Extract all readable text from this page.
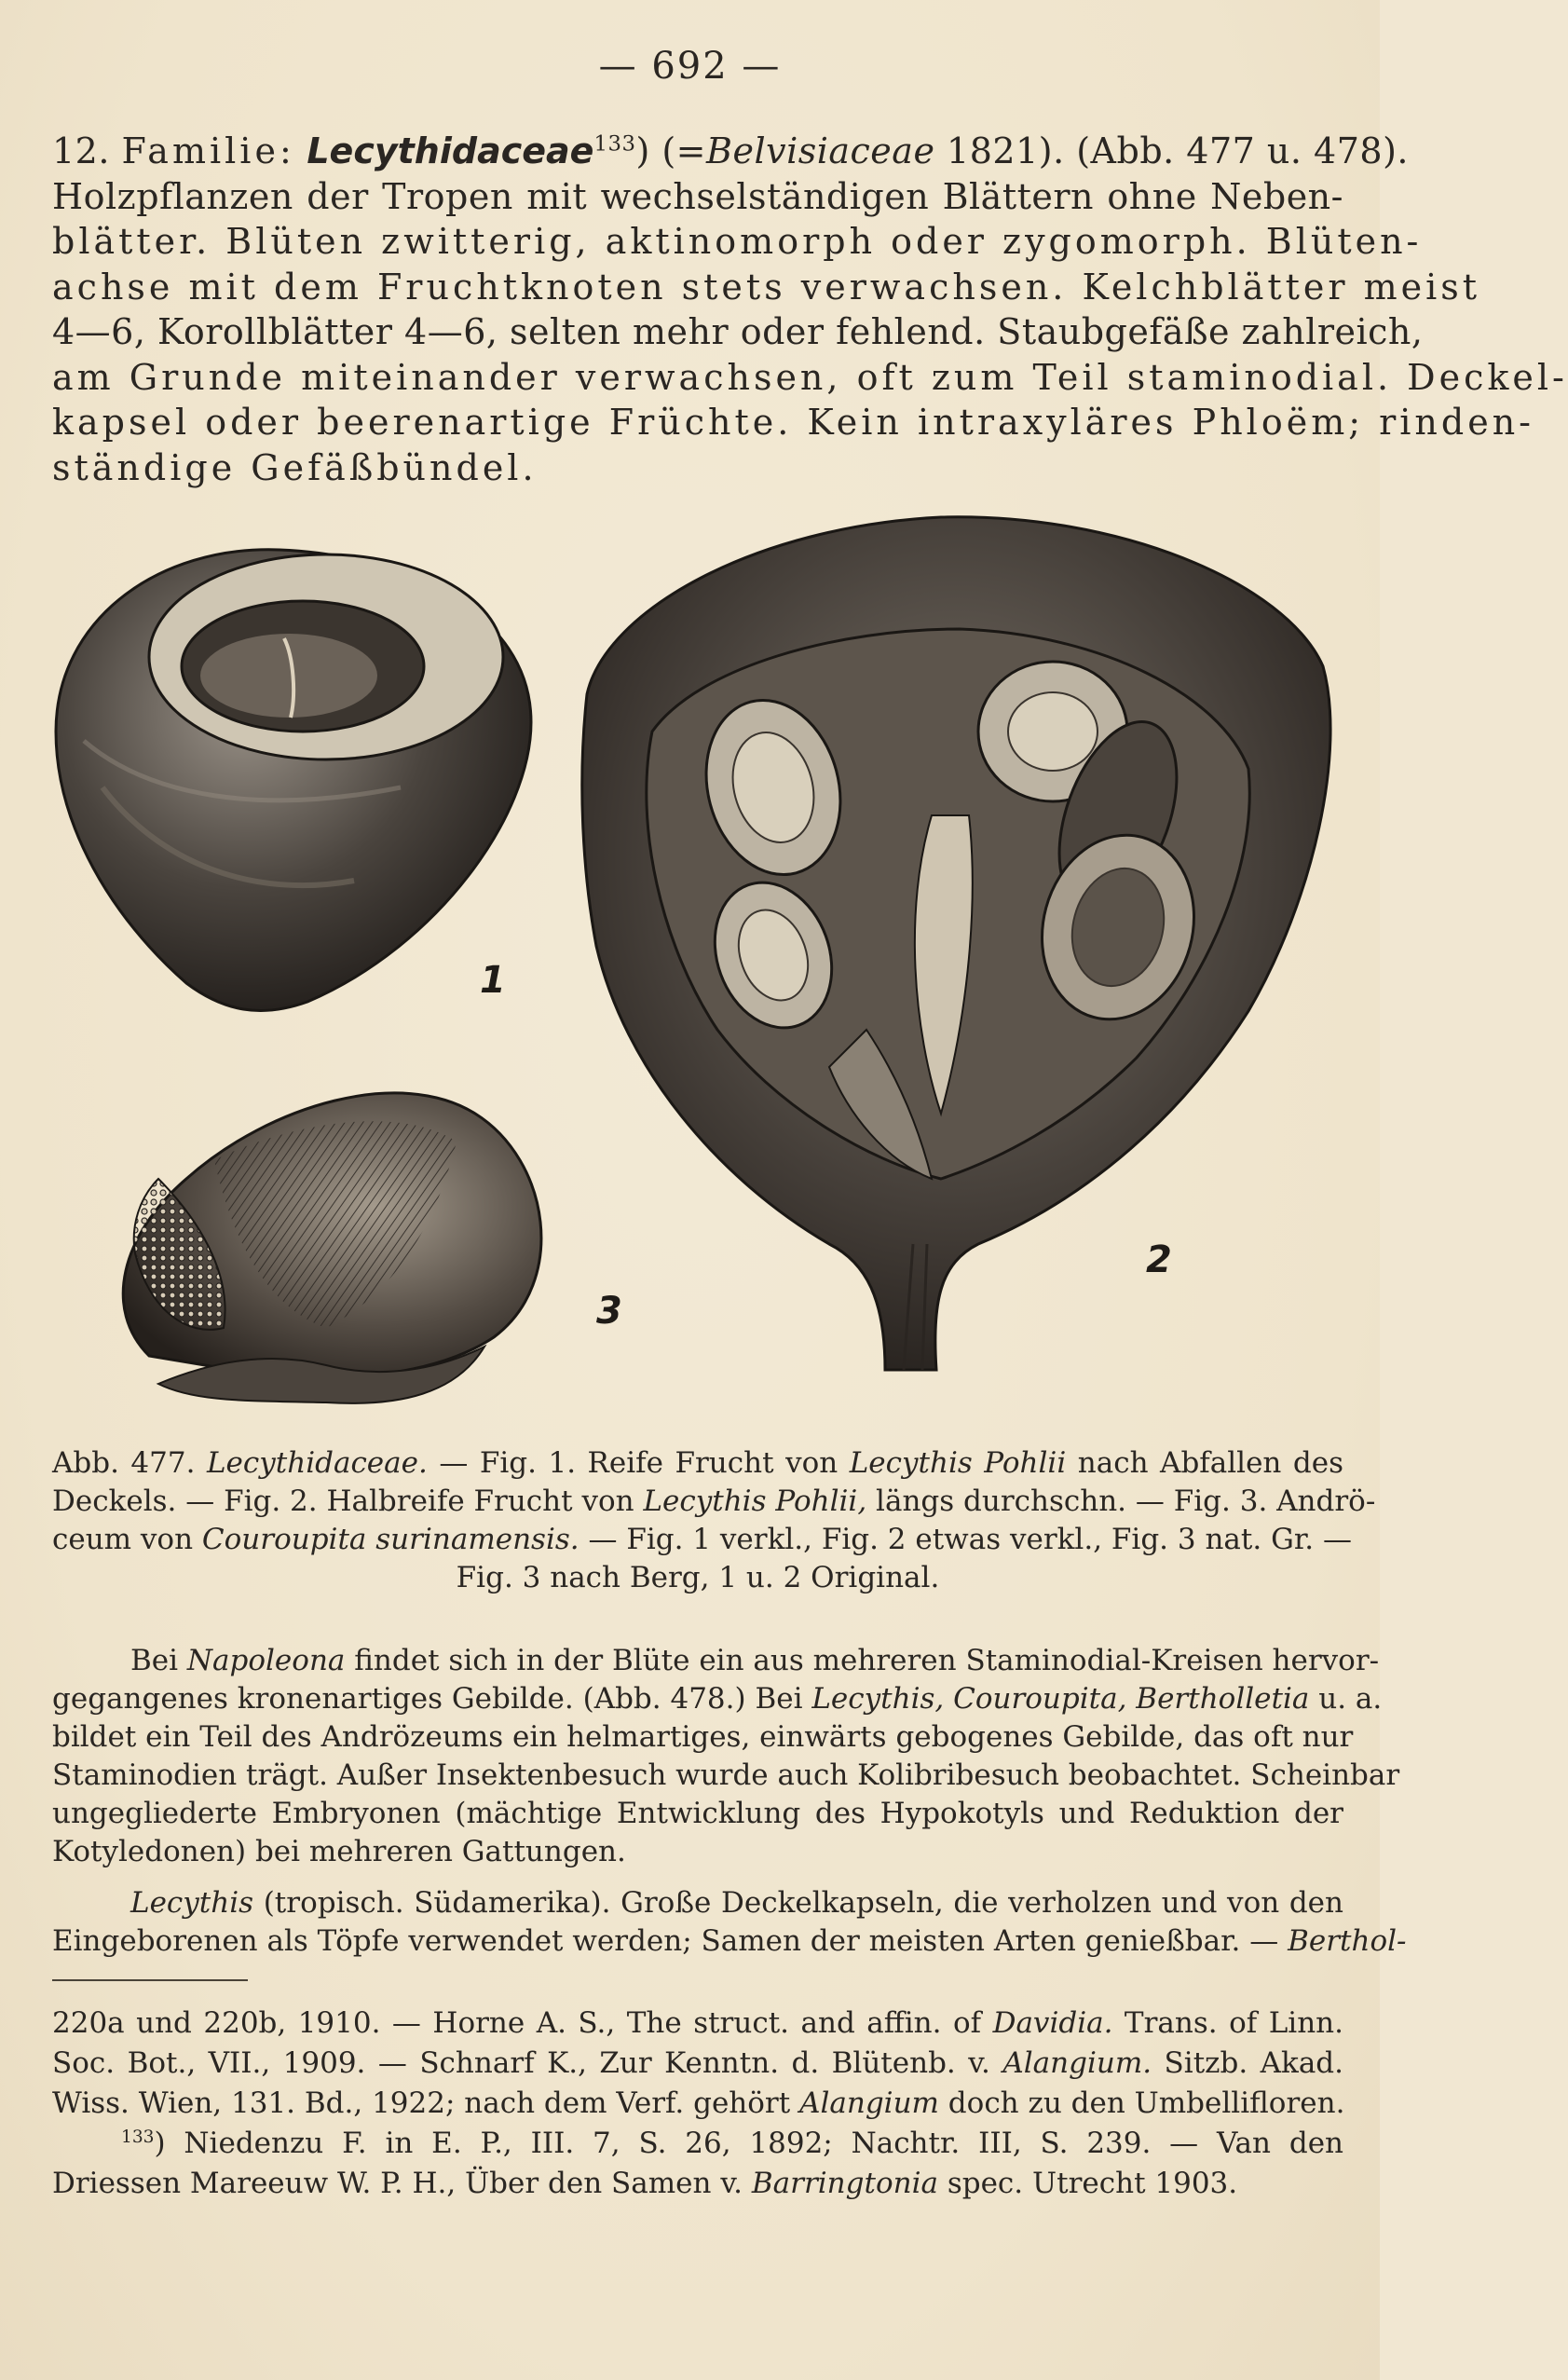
— 692 —
12. Familie: Lecythidaceae$^{133}$) (=Belvisiaceae 1821). (Abb. 477 u. 478).
Holzpflanzen der Tropen mit wechselständigen Blättern ohne Neben-
blätter. Blüten zwitterig, aktinomorph oder zygomorph. Blüten-
achse mit dem Fruchtknoten stets verwachsen. Kelchblätter meist
4—6, Korollblätter 4—6, selten mehr oder fehlend. Staubgefäße zahlreich,
am Grunde miteinander verwachsen, oft zum Teil staminodial. Deckel-
kapsel oder beerenartige Früchte. Kein intraxyläres Phloëm; rinden-
ständige Gefäßbündel.
1
2
3
Abb. 477. Lecythidaceae. — Fig. 1. Reife Frucht von Lecythis Pohlii nach Abfallen des
Deckels. — Fig. 2. Halbreife Frucht von Lecythis Pohlii, längs durchschn. — Fig. 3. Andrö-
ceum von Couroupita surinamensis. — Fig. 1 verkl., Fig. 2 etwas verkl., Fig. 3 nat. Gr. —
Fig. 3 nach Berg, 1 u. 2 Original.
Bei Napoleona findet sich in der Blüte ein aus mehreren Staminodial-Kreisen hervor-
gegangenes kronenartiges Gebilde. (Abb. 478.) Bei Lecythis, Couroupita, Bertholletia u. a.
bildet ein Teil des Andrözeums ein helmartiges, einwärts gebogenes Gebilde, das oft nur
Staminodien trägt. Außer Insektenbesuch wurde auch Kolibribesuch beobachtet. Scheinbar
ungegliederte Embryonen (mächtige Entwicklung des Hypokotyls und Reduktion der
Kotyledonen) bei mehreren Gattungen.
Lecythis (tropisch. Südamerika). Große Deckelkapseln, die verholzen und von den
Eingeborenen als Töpfe verwendet werden; Samen der meisten Arten genießbar. — Berthol-
220a und 220b, 1910. — Horne A. S., The struct. and affin. of Davidia. Trans. of Linn.
Soc. Bot., VII., 1909. — Schnarf K., Zur Kenntn. d. Blütenb. v. Alangium. Sitzb. Akad.
Wiss. Wien, 131. Bd., 1922; nach dem Verf. gehört Alangium doch zu den Umbellifloren.
$^{133}$) Niedenzu F. in E. P., III. 7, S. 26, 1892; Nachtr. III, S. 239. — Van den
Driessen Mareeuw W. P. H., Über den Samen v. Barringtonia spec. Utrecht 1903.
